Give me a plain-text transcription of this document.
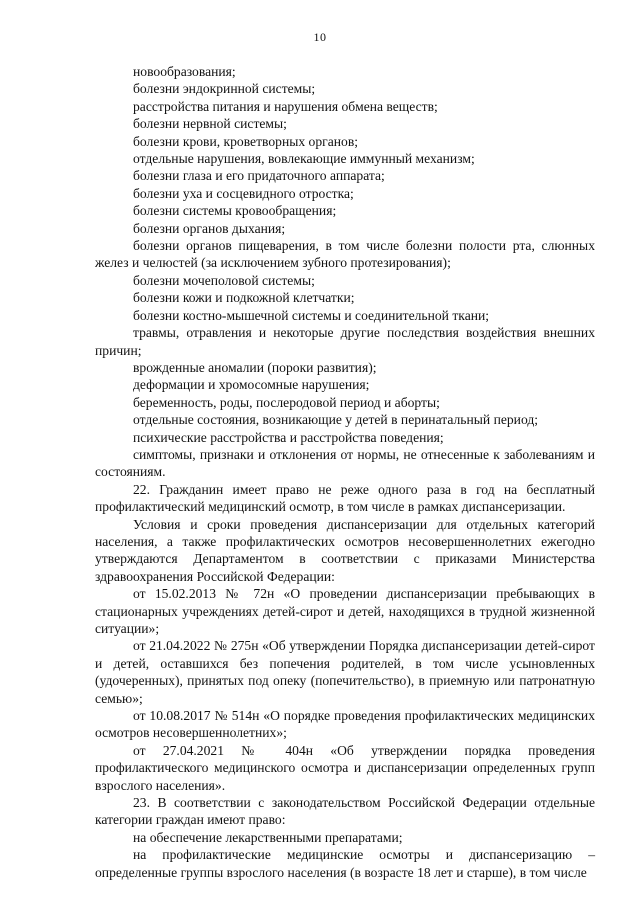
10

новообразования;

болезни эндокринной системы;

расстройства питания и нарушения обмена веществ;

болезни нервной системы;

болезни крови, кроветворных органов;

отдельные нарушения, вовлекающие иммунный механизм;

болезни глаза и его придаточного аппарата;

болезни уха и сосцевидного отростка;

болезни системы кровообращения;

болезни органов дыхания;

болезни органов пищеварения, в том числе болезни полости рта, слюнных желез и челюстей (за исключением зубного протезирования);

болезни мочеполовой системы;

болезни кожи и подкожной клетчатки;

болезни костно-мышечной системы и соединительной ткани;

травмы, отравления и некоторые другие последствия воздействия внешних причин;

врожденные аномалии (пороки развития);

деформации и хромосомные нарушения;

беременность, роды, послеродовой период и аборты;

отдельные состояния, возникающие у детей в перинатальный период;

психические расстройства и расстройства поведения;

симптомы, признаки и отклонения от нормы, не отнесенные к заболеваниям и состояниям.

22. Гражданин имеет право не реже одного раза в год на бесплатный профилактический медицинский осмотр, в том числе в рамках диспансеризации.

Условия и сроки проведения диспансеризации для отдельных категорий населения, а также профилактических осмотров несовершеннолетних ежегодно утверждаются Департаментом в соответствии с приказами Министерства здравоохранения Российской Федерации:

от 15.02.2013 № 72н «О проведении диспансеризации пребывающих в стационарных учреждениях детей-сирот и детей, находящихся в трудной жизненной ситуации»;

от 21.04.2022 № 275н «Об утверждении Порядка диспансеризации детей-сирот и детей, оставшихся без попечения родителей, в том числе усыновленных (удочеренных), принятых под опеку (попечительство), в приемную или патронатную семью»;

от 10.08.2017 № 514н «О порядке проведения профилактических медицинских осмотров несовершеннолетних»;

от 27.04.2021 № 404н «Об утверждении порядка проведения профилактического медицинского осмотра и диспансеризации определенных групп взрослого населения».

23. В соответствии с законодательством Российской Федерации отдельные категории граждан имеют право:

на обеспечение лекарственными препаратами;

на профилактические медицинские осмотры и диспансеризацию – определенные группы взрослого населения (в возрасте 18 лет и старше), в том числе
